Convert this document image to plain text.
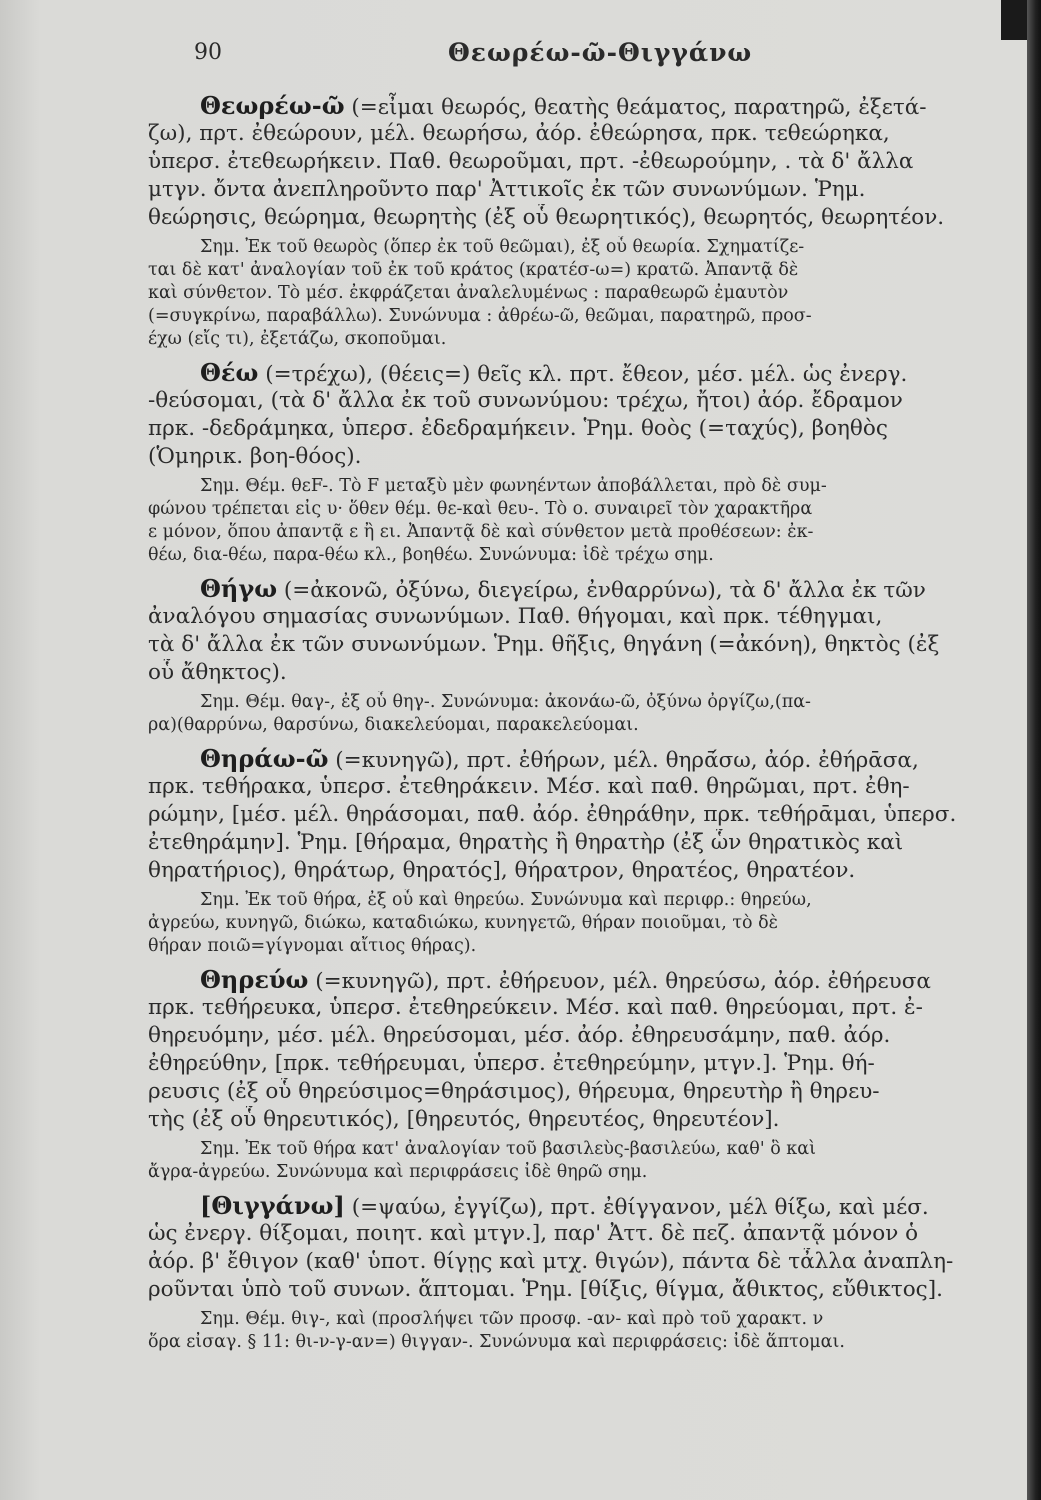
90	Θεωρέω-ῶ-Θιγγάνω
Θεωρέω-ῶ (=εἶμαι θεωρός, θεατὴς θεάματος, παρατηρῶ, ἐξετά-
ζω), πρτ. ἐθεώρουν, μέλ. θεωρήσω, ἀόρ. ἐθεώρησα, πρκ. τεθεώρηκα,
ὑπερσ. ἐτεθεωρήκειν. Παθ. θεωροῦμαι, πρτ. -ἐθεωρούμην, . τὰ δ' ἄλλα
μτγν. ὄντα ἀνεπληροῦντο παρ' Ἀττικοῖς ἐκ τῶν συνωνύμων. Ῥημ.
θεώρησις, θεώρημα, θεωρητὴς (ἐξ οὗ θεωρητικός), θεωρητός, θεωρητέον.
Σημ. Ἐκ τοῦ θεωρὸς (ὅπερ ἐκ τοῦ θεῶμαι), ἐξ οὗ θεωρία. Σχηματίζε-
ται δὲ κατ' ἀναλογίαν τοῦ ἐκ τοῦ κράτος (κρατέσ-ω=) κρατῶ. Ἀπαντᾷ δὲ
καὶ σύνθετον. Τὸ μέσ. ἐκφράζεται ἀναλελυμένως : παραθεωρῶ ἐμαυτὸν
(=συγκρίνω, παραβάλλω). Συνώνυμα : ἀθρέω-ῶ, θεῶμαι, παρατηρῶ, προσ-
έχω (εἴς τι), ἐξετάζω, σκοποῦμαι.
Θέω (=τρέχω), (θέεις=) θεῖς κλ. πρτ. ἔθεον, μέσ. μέλ. ὡς ἐνεργ.
-θεύσομαι, (τὰ δ' ἄλλα ἐκ τοῦ συνωνύμου: τρέχω, ἤτοι) ἀόρ. ἔδραμον
πρκ. -δεδράμηκα, ὑπερσ. ἐδεδραμήκειν. Ῥημ. θοὸς (=ταχύς), βοηθὸς
(Ὁμηρικ. βοη-θόος).
Σημ. Θέμ. θεF-. Τὸ F μεταξὺ μὲν φωνηέντων ἀποβάλλεται, πρὸ δὲ συμ-
φώνου τρέπεται εἰς υ· ὅθεν θέμ. θε-καὶ θευ-. Τὸ ο. συναιρεῖ τὸν χαρακτῆρα
ε μόνον, ὅπου ἀπαντᾷ ε ἢ ει. Ἀπαντᾷ δὲ καὶ σύνθετον μετὰ προθέσεων: ἐκ-
θέω, δια-θέω, παρα-θέω κλ., βοηθέω. Συνώνυμα: ἰδὲ τρέχω σημ.
Θήγω (=ἀκονῶ, ὀξύνω, διεγείρω, ἐνθαρρύνω), τὰ δ' ἄλλα ἐκ τῶν
ἀναλόγου σημασίας συνωνύμων. Παθ. θήγομαι, καὶ πρκ. τέθηγμαι,
τὰ δ' ἄλλα ἐκ τῶν συνωνύμων. Ῥημ. θῆξις, θηγάνη (=ἀκόνη), θηκτὸς (ἐξ
οὗ ἄθηκτος).
Σημ. Θέμ. θαγ-, ἐξ οὗ θηγ-. Συνώνυμα: ἀκονάω-ῶ, ὀξύνω ὀργίζω,(πα-
ρα)(θαρρύνω, θαρσύνω, διακελεύομαι, παρακελεύομαι.
Θηράω-ῶ (=κυνηγῶ), πρτ. ἐθήρων, μέλ. θηρᾱ́σω, ἀόρ. ἐθήρᾱσα,
πρκ. τεθήρακα, ὑπερσ. ἐτεθηράκειν. Μέσ. καὶ παθ. θηρῶμαι, πρτ. ἐθη-
ρώμην, [μέσ. μέλ. θηράσομαι, παθ. ἀόρ. ἐθηράθην, πρκ. τεθήρᾱμαι, ὑπερσ.
ἐτεθηράμην]. Ῥημ. [θήραμα, θηρατὴς ἢ θηρατὴρ (ἐξ ὧν θηρατικὸς καὶ
θηρατήριος), θηράτωρ, θηρατός], θήρατρον, θηρατέος, θηρατέον.
Σημ. Ἐκ τοῦ θήρα, ἐξ οὗ καὶ θηρεύω. Συνώνυμα καὶ περιφρ.: θηρεύω,
ἀγρεύω, κυνηγῶ, διώκω, καταδιώκω, κυνηγετῶ, θήραν ποιοῦμαι, τὸ δὲ
θήραν ποιῶ=γίγνομαι αἴτιος θήρας).
Θηρεύω (=κυνηγῶ), πρτ. ἐθήρευον, μέλ. θηρεύσω, ἀόρ. ἐθήρευσα
πρκ. τεθήρευκα, ὑπερσ. ἐτεθηρεύκειν. Μέσ. καὶ παθ. θηρεύομαι, πρτ. ἐ-
θηρευόμην, μέσ. μέλ. θηρεύσομαι, μέσ. ἀόρ. ἐθηρευσάμην, παθ. ἀόρ.
ἐθηρεύθην, [πρκ. τεθήρευμαι, ὑπερσ. ἐτεθηρεύμην, μτγν.]. Ῥημ. θή-
ρευσις (ἐξ οὗ θηρεύσιμος=θηράσιμος), θήρευμα, θηρευτὴρ ἢ θηρευ-
τὴς (ἐξ οὗ θηρευτικός), [θηρευτός, θηρευτέος, θηρευτέον].
Σημ. Ἐκ τοῦ θήρα κατ' ἀναλογίαν τοῦ βασιλεὺς-βασιλεύω, καθ' ὃ καὶ
ἄγρα-ἀγρεύω. Συνώνυμα καὶ περιφράσεις ἰδὲ θηρῶ σημ.
[Θιγγάνω] (=ψαύω, ἐγγίζω), πρτ. ἐθίγγανον, μέλ θίξω, καὶ μέσ.
ὡς ἐνεργ. θίξομαι, ποιητ. καὶ μτγν.], παρ' Ἀττ. δὲ πεζ. ἀπαντᾷ μόνον ὁ
ἀόρ. β' ἔθιγον (καθ' ὑποτ. θίγῃς καὶ μτχ. θιγών), πάντα δὲ τἆλλα ἀναπλη-
ροῦνται ὑπὸ τοῦ συνων. ἅπτομαι. Ῥημ. [θίξις, θίγμα, ἄθικτος, εὔθικτος].
Σημ. Θέμ. θιγ-, καὶ (προσλήψει τῶν προσφ. -αν- καὶ πρὸ τοῦ χαρακτ. ν
ὅρα εἰσαγ. § 11: θι-ν-γ-αν=) θιγγαν-. Συνώνυμα καὶ περιφράσεις: ἰδὲ ἅπτομαι.
